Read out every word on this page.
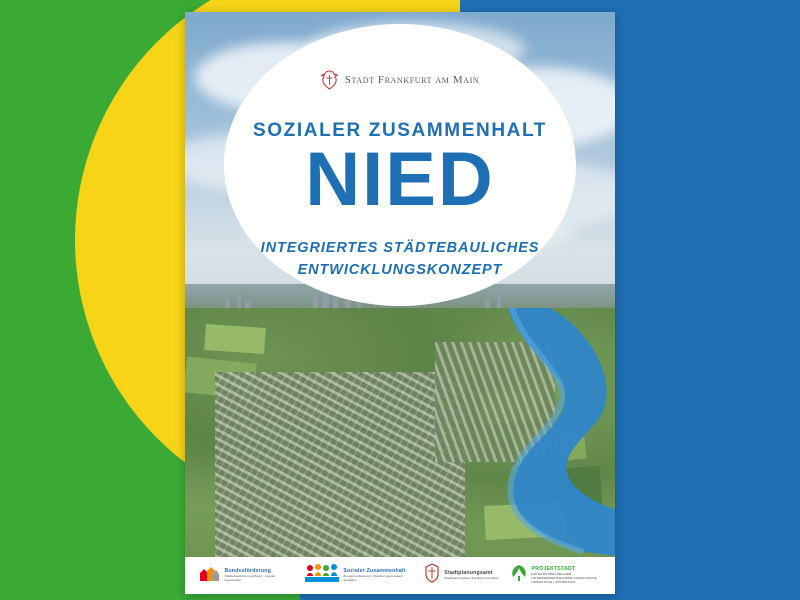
Stadt Frankfurt am Main
SOZIALER ZUSAMMENHALT
NIED
INTEGRIERTES STÄDTEBAULICHES
ENTWICKLUNGSKONZEPT
Bundesförderung
Städtebauförderung Bund · Länder · Gemeinden
Sozialer Zusammenhalt
Zusammenleben im Quartier gemeinsam gestalten
Stadtplanungsamt
Stadtplanungsamt Frankfurt am Main
PROJEKTSTADT
EIN MARKTZEICHEN DER UNTERNEHMENSGRUPPE NASSAUISCHE HEIMSTÄTTE | WOHNSTADT
